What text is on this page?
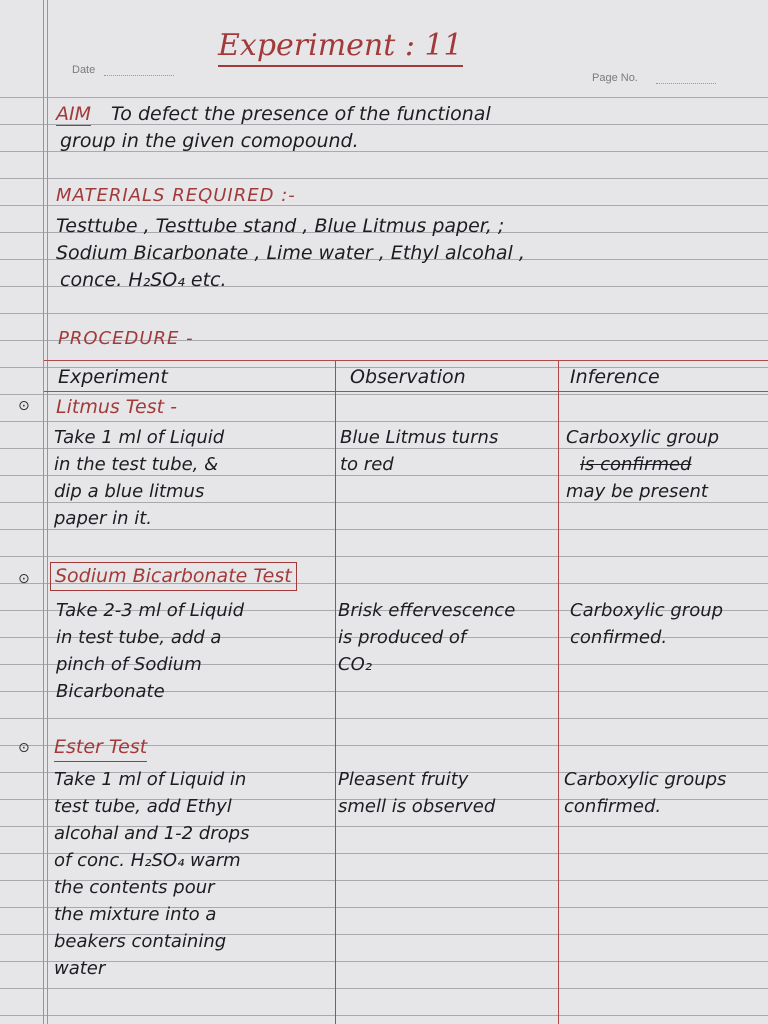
Date
Page No.
Experiment : 11
AIM To defect the presence of the functional
group in the given comopound.
MATERIALS REQUIRED :-
Testtube , Testtube stand , Blue Litmus paper, ;
Sodium Bicarbonate , Lime water , Ethyl alcohal ,
conce. H₂SO₄ etc.
PROCEDURE -
Experiment	Observation	Inference
⊙ Litmus Test -
Take 1 ml of Liquid
in the test tube, &
dip a blue litmus
paper in it.
Blue Litmus turns
to red
Carboxylic group
is confirmed
may be present
⊙ Sodium Bicarbonate Test
Take 2-3 ml of Liquid
in test tube, add a
pinch of Sodium
Bicarbonate
Brisk effervescence
is produced of
CO₂
Carboxylic group
confirmed.
⊙ Ester Test
Take 1 ml of Liquid in
test tube, add Ethyl
alcohal and 1-2 drops
of conc. H₂SO₄ warm
the contents pour
the mixture into a
beakers containing
water
Pleasent fruity
smell is observed
Carboxylic groups
confirmed.
